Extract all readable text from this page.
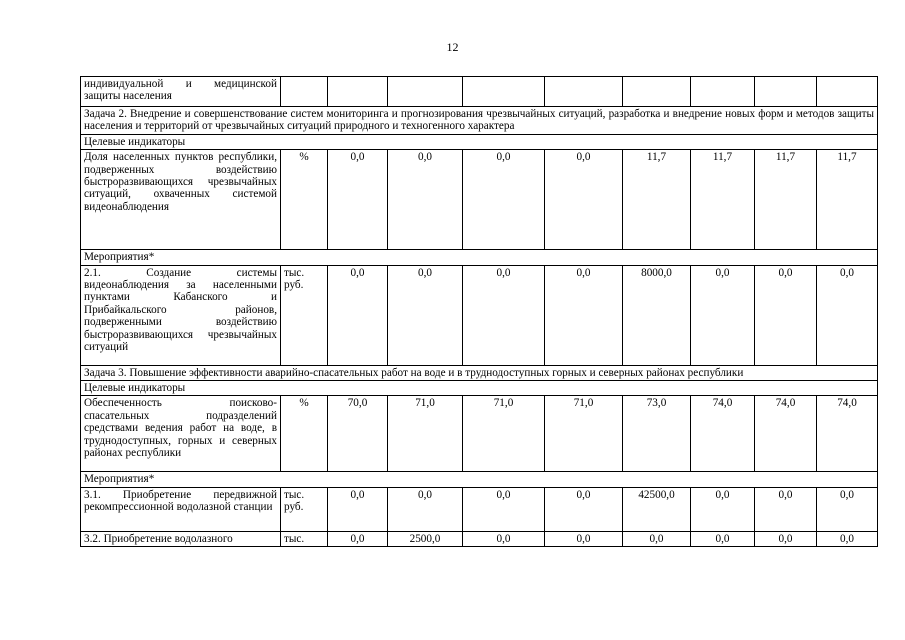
12
индивидуальной и медицинской защиты населения									
Задача 2. Внедрение и совершенствование систем мониторинга и прогнозирования чрезвычайных ситуаций, разработка и внедрение новых форм и методов защиты населения и территорий от чрезвычайных ситуаций природного и техногенного характера									
Целевые индикаторы									
Доля населенных пунктов республики, подверженных воздействию быстроразвивающихся чрезвычайных ситуаций, охваченных системой видеонаблюдения	%	0,0	0,0	0,0	0,0	11,7	11,7	11,7	11,7
Мероприятия*									
2.1. Создание системы видеонаблюдения за населенными пунктами Кабанского и Прибайкальского районов, подверженными воздействию быстроразвивающихся чрезвычайных ситуаций	тыс. руб.	0,0	0,0	0,0	0,0	8000,0	0,0	0,0	0,0
Задача 3. Повышение эффективности аварийно-спасательных работ на воде и в труднодоступных горных и северных районах республики									
Целевые индикаторы									
Обеспеченность поисково-спасательных подразделений средствами ведения работ на воде, в труднодоступных, горных и северных районах республики	%	70,0	71,0	71,0	71,0	73,0	74,0	74,0	74,0
Мероприятия*									
3.1. Приобретение передвижной рекомпрессионной водолазной станции	тыс. руб.	0,0	0,0	0,0	0,0	42500,0	0,0	0,0	0,0
3.2. Приобретение водолазного	тыс.	0,0	2500,0	0,0	0,0	0,0	0,0	0,0	0,0
